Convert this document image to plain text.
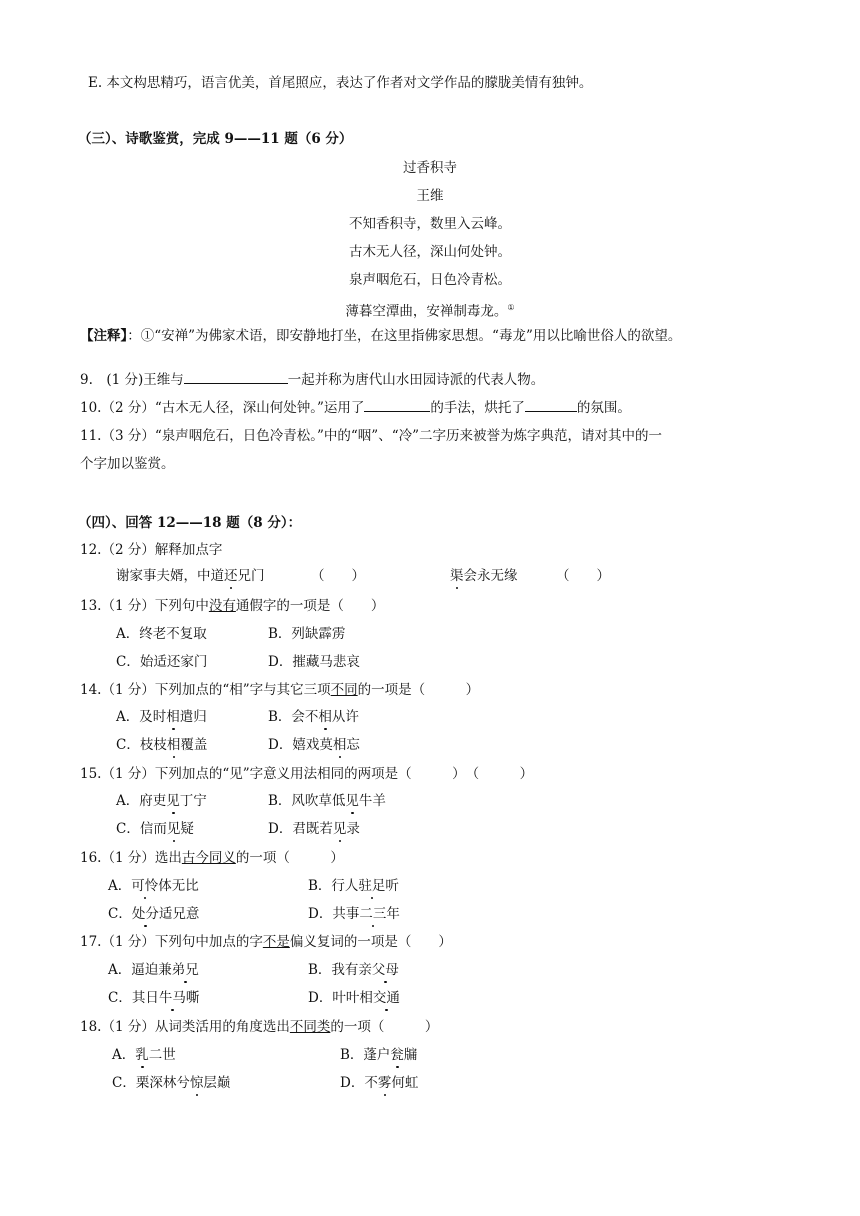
E. 本文构思精巧，语言优美，首尾照应，表达了作者对文学作品的朦胧美情有独钟。
（三）、诗歌鉴赏，完成 9——11 题（6 分）
过香积寺
王维
不知香积寺，数里入云峰。
古木无人径，深山何处钟。
泉声咽危石，日色冷青松。
薄暮空潭曲，安禅制毒龙。①
【注释】：①“安禅”为佛家术语，即安静地打坐，在这里指佛家思想。“毒龙”用以比喻世俗人的欲望。
9.　(1 分)王维与	一起并称为唐代山水田园诗派的代表人物。
10.（2 分）“古木无人径，深山何处钟。”运用了	的手法，烘托了	的氛围。
11.（3 分）“泉声咽危石，日色冷青松。”中的“咽”、“冷”二字历来被誉为炼字典范，请对其中的一
个字加以鉴赏。
（四）、回答 12——18 题（8 分）：
12.（2 分）解释加点字
谢家事夫婿，中道还兄门	（　　）	渠会永无缘	（　　）
13.（1 分）下列句中没有通假字的一项是（　　 ）
A．终老不复取	B．列缺霹雳
C．始适还家门	D．摧藏马悲哀
14.（1 分）下列加点的“相”字与其它三项不同的一项是（　　　	）
A．及时相遣归	B．会不相从许
C．枝枝相覆盖	D．嬉戏莫相忘
15.（1 分）下列加点的“见”字意义用法相同的两项是（　　　	）　（　　　）
A．府吏见丁宁	B．风吹草低见牛羊
C．信而见疑	D．君既若见录
16.（1 分）选出古今同义的一项（　　　	）
A．可怜体无比	B．行人驻足听
C．处分适兄意	D．共事二三年
17.（1 分）下列句中加点的字不是偏义复词的一项是（　　 ）
A．逼迫兼弟兄	B．我有亲父母
C．其日牛马嘶	D．叶叶相交通
18.（1 分）从词类活用的角度选出不同类的一项（　　　	）
A．乳二世	B．蓬户瓮牖
C．栗深林兮惊层巅	D．不雾何虹
